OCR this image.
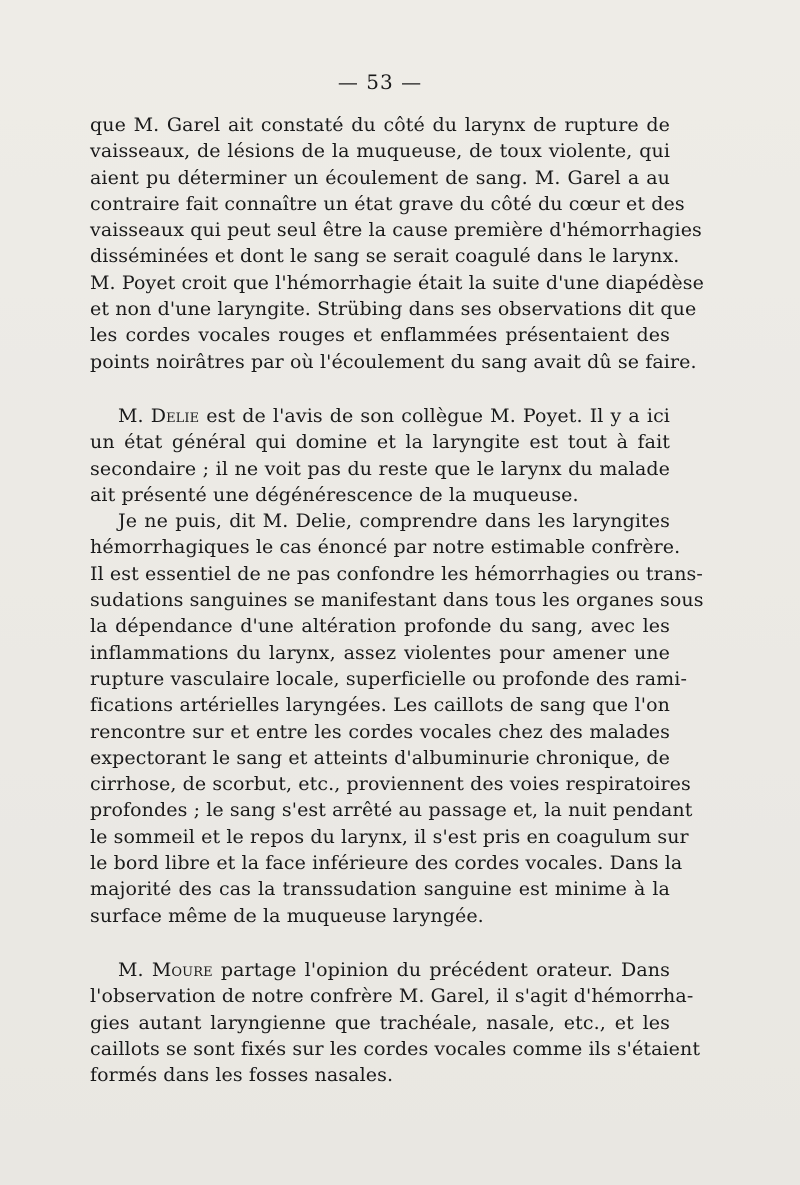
— 53 —
que M. Garel ait constaté du côté du larynx de rupture de
vaisseaux, de lésions de la muqueuse, de toux violente, qui
aient pu déterminer un écoulement de sang. M. Garel a au
contraire fait connaître un état grave du côté du cœur et des
vaisseaux qui peut seul être la cause première d'hémorrhagies
disséminées et dont le sang se serait coagulé dans le larynx.
M. Poyet croit que l'hémorrhagie était la suite d'une diapédèse
et non d'une laryngite. Strübing dans ses observations dit que
les cordes vocales rouges et enflammées présentaient des
points noirâtres par où l'écoulement du sang avait dû se faire.
M. Delie est de l'avis de son collègue M. Poyet. Il y a ici
un état général qui domine et la laryngite est tout à fait
secondaire ; il ne voit pas du reste que le larynx du malade
ait présenté une dégénérescence de la muqueuse.
Je ne puis, dit M. Delie, comprendre dans les laryngites
hémorrhagiques le cas énoncé par notre estimable confrère.
Il est essentiel de ne pas confondre les hémorrhagies ou trans-
sudations sanguines se manifestant dans tous les organes sous
la dépendance d'une altération profonde du sang, avec les
inflammations du larynx, assez violentes pour amener une
rupture vasculaire locale, superficielle ou profonde des rami-
fications artérielles laryngées. Les caillots de sang que l'on
rencontre sur et entre les cordes vocales chez des malades
expectorant le sang et atteints d'albuminurie chronique, de
cirrhose, de scorbut, etc., proviennent des voies respiratoires
profondes ; le sang s'est arrêté au passage et, la nuit pendant
le sommeil et le repos du larynx, il s'est pris en coagulum sur
le bord libre et la face inférieure des cordes vocales. Dans la
majorité des cas la transsudation sanguine est minime à la
surface même de la muqueuse laryngée.
M. Moure partage l'opinion du précédent orateur. Dans
l'observation de notre confrère M. Garel, il s'agit d'hémorrha-
gies autant laryngienne que trachéale, nasale, etc., et les
caillots se sont fixés sur les cordes vocales comme ils s'étaient
formés dans les fosses nasales.
